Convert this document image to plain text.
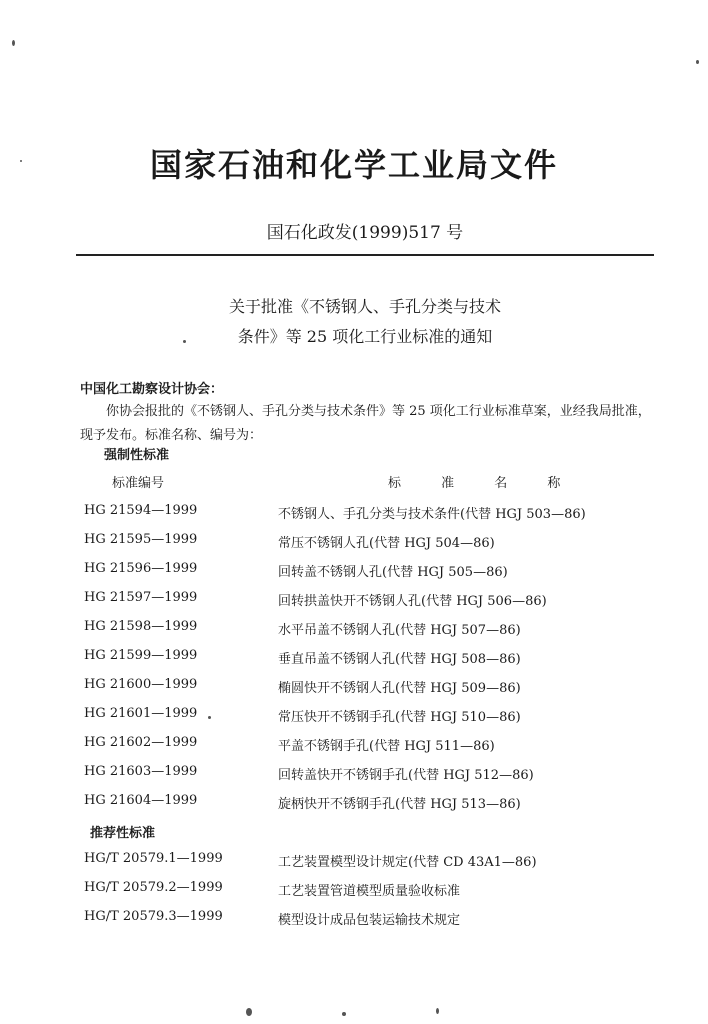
国家石油和化学工业局文件
国石化政发(1999)517 号
关于批准《不锈钢人、手孔分类与技术
条件》等 25 项化工行业标准的通知
中国化工勘察设计协会：
你协会报批的《不锈钢人、手孔分类与技术条件》等 25 项化工行业标准草案，业经我局批准，现予发布。标准名称、编号为：
强制性标准
标准编号	标 准 名 称
HG 21594—1999	不锈钢人、手孔分类与技术条件(代替 HGJ 503—86)
HG 21595—1999	常压不锈钢人孔(代替 HGJ 504—86)
HG 21596—1999	回转盖不锈钢人孔(代替 HGJ 505—86)
HG 21597—1999	回转拱盖快开不锈钢人孔(代替 HGJ 506—86)
HG 21598—1999	水平吊盖不锈钢人孔(代替 HGJ 507—86)
HG 21599—1999	垂直吊盖不锈钢人孔(代替 HGJ 508—86)
HG 21600—1999	椭圆快开不锈钢人孔(代替 HGJ 509—86)
HG 21601—1999	常压快开不锈钢手孔(代替 HGJ 510—86)
HG 21602—1999	平盖不锈钢手孔(代替 HGJ 511—86)
HG 21603—1999	回转盖快开不锈钢手孔(代替 HGJ 512—86)
HG 21604—1999	旋柄快开不锈钢手孔(代替 HGJ 513—86)
推荐性标准
HG/T 20579.1—1999	工艺装置模型设计规定(代替 CD 43A1—86)
HG/T 20579.2—1999	工艺装置管道模型质量验收标准
HG/T 20579.3—1999	模型设计成品包装运输技术规定
